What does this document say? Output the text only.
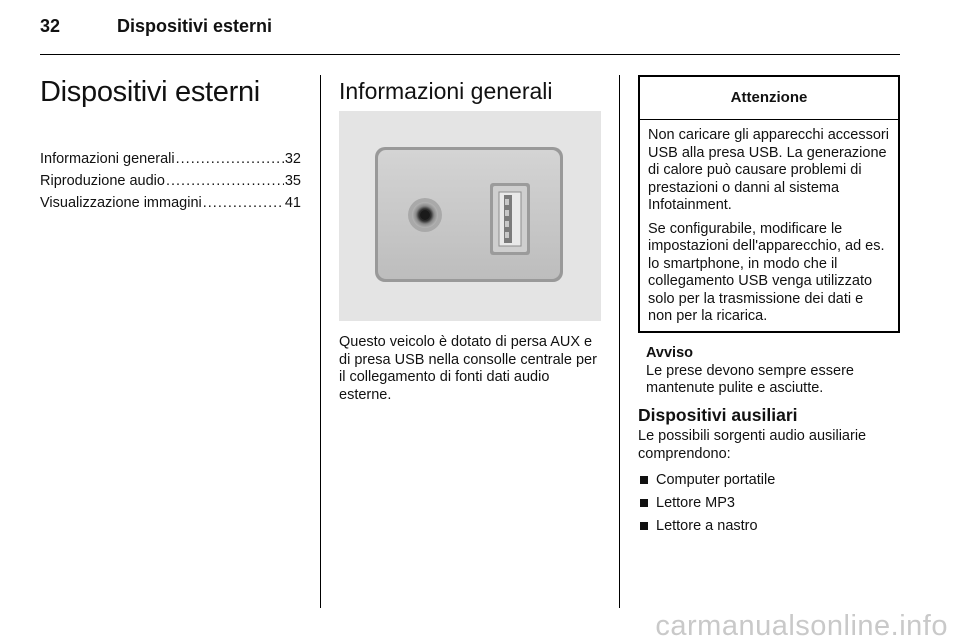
32	Dispositivi esterni
Dispositivi esterni
Informazioni generali .....	32
Riproduzione audio .....	35
Visualizzazione immagini .....	41
Informazioni generali
Questo veicolo è dotato di persa AUX e di presa USB nella consolle centrale per il collegamento di fonti dati audio esterne.
Attenzione

Non caricare gli apparecchi accessori USB alla presa USB. La generazione di calore può causare problemi di prestazioni o danni al sistema Infotainment.

Se configurabile, modificare le impostazioni dell'apparecchio, ad es. lo smartphone, in modo che il collegamento USB venga utilizzato solo per la trasmissione dei dati e non per la ricarica.

Avviso
Le prese devono sempre essere mantenute pulite e asciutte.
Dispositivi ausiliari
Le possibili sorgenti audio ausiliarie comprendono:
Computer portatile
Lettore MP3
Lettore a nastro
carmanualsonline.info
